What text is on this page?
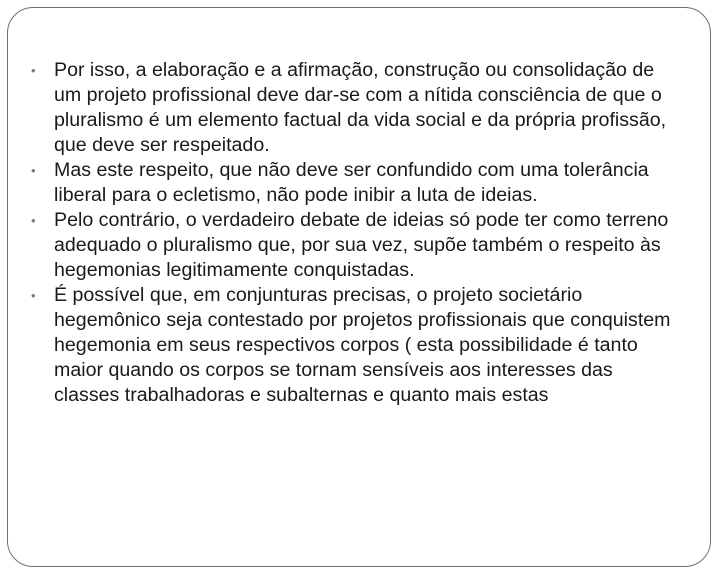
• Por isso, a elaboração e a afirmação, construção ou consolidação de um projeto profissional deve dar-se com a nítida consciência de que o pluralismo é um elemento factual da vida social e da própria profissão, que deve ser respeitado.
• Mas este respeito, que não deve ser confundido com uma tolerância liberal para o ecletismo, não pode inibir a luta de ideias.
• Pelo contrário, o verdadeiro debate de ideias só pode ter como terreno adequado o pluralismo que, por sua vez, supõe também o respeito às hegemonias legitimamente conquistadas.
• É possível que, em conjunturas precisas, o projeto societário hegemônico seja contestado por projetos profissionais que conquistem hegemonia em seus respectivos corpos ( esta possibilidade é tanto maior quando os corpos se tornam sensíveis aos interesses das classes trabalhadoras e subalternas e quanto mais estas
